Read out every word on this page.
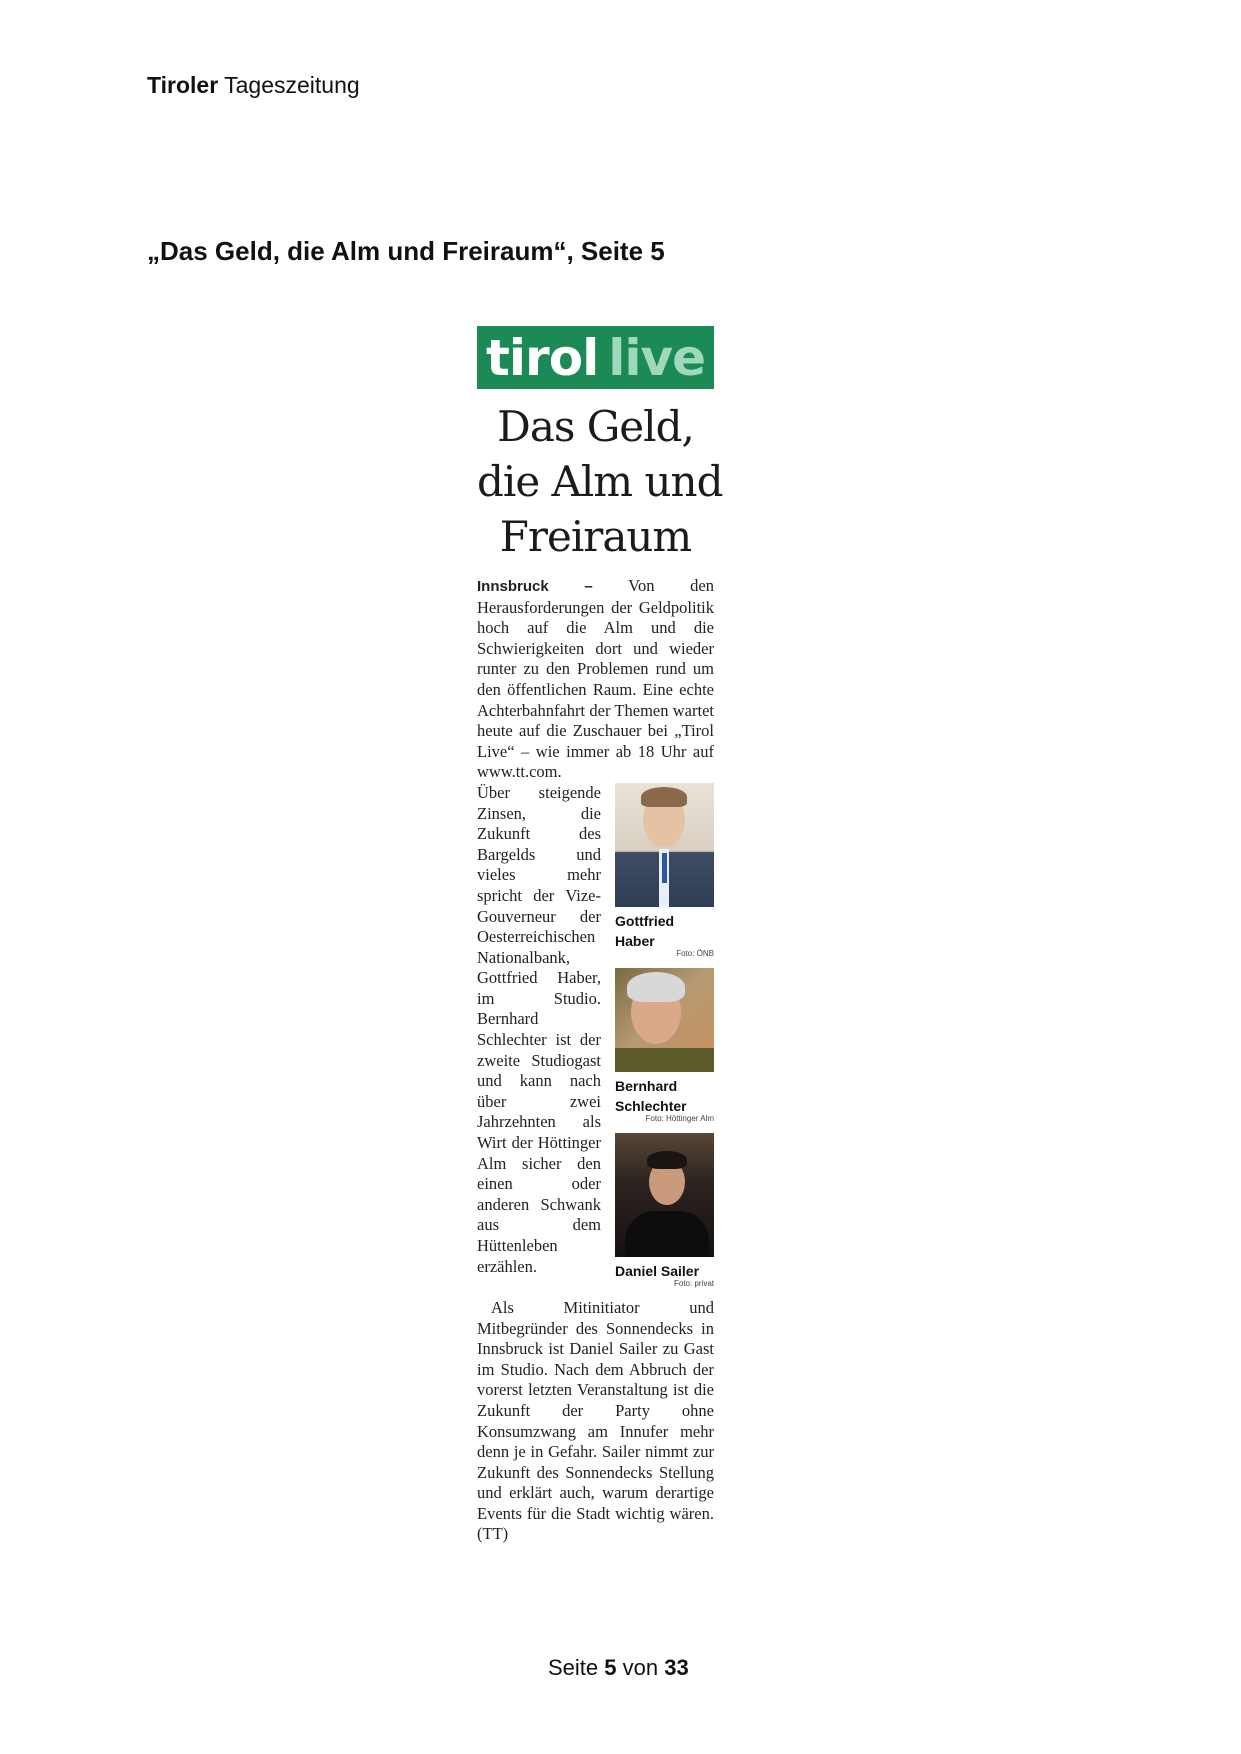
Tiroler Tageszeitung
„Das Geld, die Alm und Freiraum“, Seite 5
tirol live
Das Geld,
die Alm und
Freiraum
Innsbruck – Von den Herausforderungen der Geldpolitik hoch auf die Alm und die Schwierigkeiten dort und wieder runter zu den Problemen rund um den öffentlichen Raum. Eine echte Achterbahnfahrt der Themen wartet heute auf die Zuschauer bei „Tirol Live“ – wie immer ab 18 Uhr auf www.tt.com.
Über steigende Zinsen, die Zukunft des Bargelds und vieles mehr spricht der Vize-Gouverneur der Oesterreichischen Nationalbank, Gottfried Haber, im Studio. Bernhard Schlechter ist der zweite Studiogast und kann nach über zwei Jahrzehnten als Wirt der Höttinger Alm sicher den einen oder anderen Schwank aus dem Hüttenleben erzählen.
Gottfried Haber
Foto: ÖNB
Bernhard Schlechter
Foto: Höttinger Alm
Daniel Sailer
Foto: privat
Als Mitinitiator und Mitbegründer des Sonnendecks in Innsbruck ist Daniel Sailer zu Gast im Studio. Nach dem Abbruch der vorerst letzten Veranstaltung ist die Zukunft der Party ohne Konsumzwang am Innufer mehr denn je in Gefahr. Sailer nimmt zur Zukunft des Sonnendecks Stellung und erklärt auch, warum derartige Events für die Stadt wichtig wären. (TT)
Seite 5 von 33
